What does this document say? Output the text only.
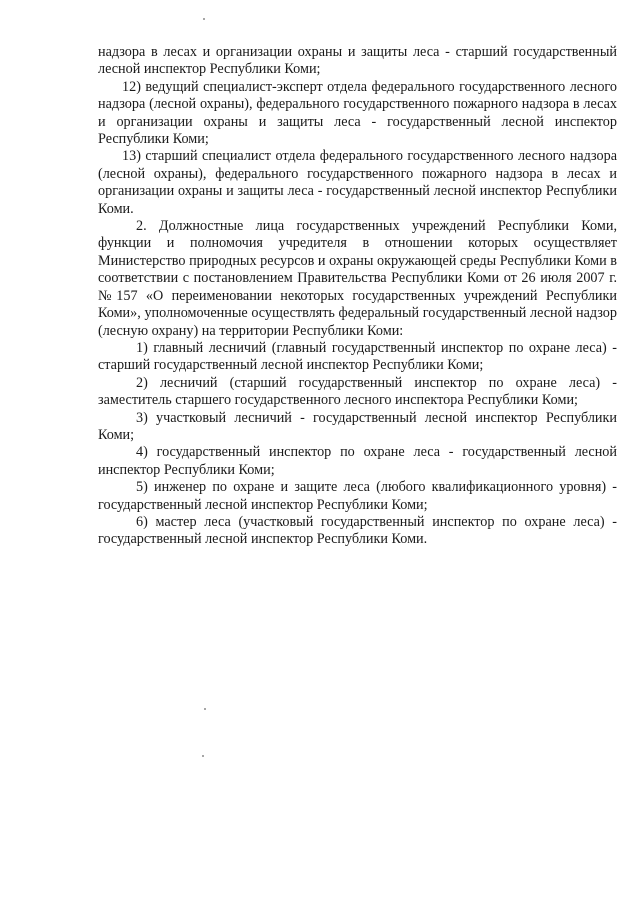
надзора в лесах и организации охраны и защиты леса - старший государственный лесной инспектор Республики Коми;

12) ведущий специалист-эксперт отдела федерального государственного лесного надзора (лесной охраны), федерального государственного пожарного надзора в лесах и организации охраны и защиты леса - государственный лесной инспектор Республики Коми;

13) старший специалист отдела федерального государственного лесного надзора (лесной охраны), федерального государственного пожарного надзора в лесах и организации охраны и защиты леса - государственный лесной инспектор Республики Коми.

2. Должностные лица государственных учреждений Республики Коми, функции и полномочия учредителя в отношении которых осуществляет Министерство природных ресурсов и охраны окружающей среды Республики Коми в соответствии с постановлением Правительства Республики Коми от 26 июля 2007 г. №157 «О переименовании некоторых государственных учреждений Республики Коми», уполномоченные осуществлять федеральный государственный лесной надзор (лесную охрану) на территории Республики Коми:

1) главный лесничий (главный государственный инспектор по охране леса) - старший государственный лесной инспектор Республики Коми;

2) лесничий (старший государственный инспектор по охране леса) - заместитель старшего государственного лесного инспектора Республики Коми;

3) участковый лесничий - государственный лесной инспектор Республики Коми;

4) государственный инспектор по охране леса - государственный лесной инспектор Республики Коми;

5) инженер по охране и защите леса (любого квалификационного уровня) - государственный лесной инспектор Республики Коми;

6) мастер леса (участковый государственный инспектор по охране леса) - государственный лесной инспектор Республики Коми.
